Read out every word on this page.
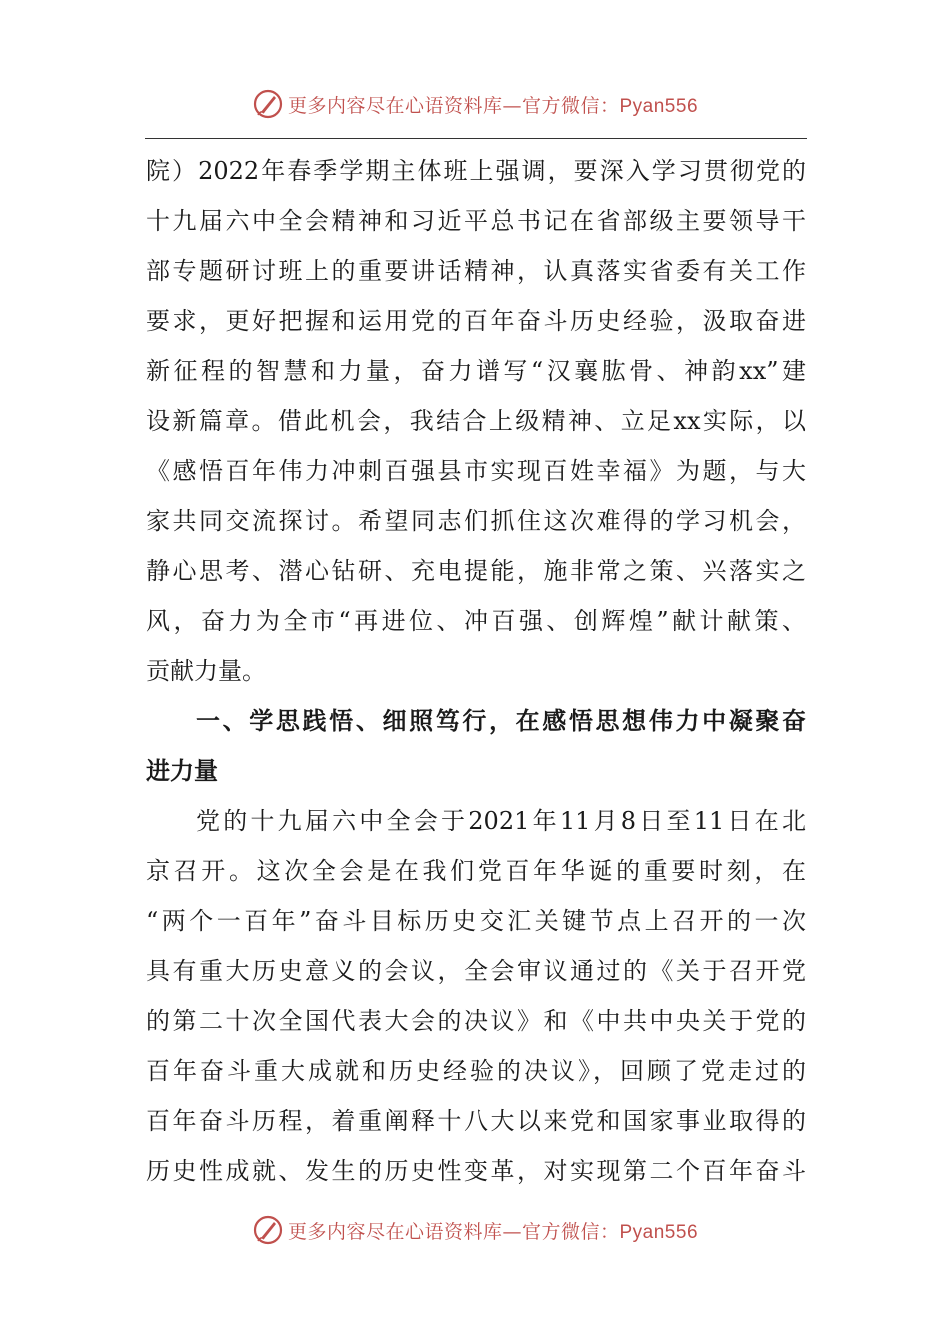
更多内容尽在心语资料库—官方微信：Pyan556
院）2022年春季学期主体班上强调，要深入学习贯彻党的
十九届六中全会精神和习近平总书记在省部级主要领导干
部专题研讨班上的重要讲话精神，认真落实省委有关工作
要求，更好把握和运用党的百年奋斗历史经验，汲取奋进
新征程的智慧和力量，奋力谱写“汉襄肱骨、神韵xx”建
设新篇章。借此机会，我结合上级精神、立足xx实际，以
《感悟百年伟力冲刺百强县市实现百姓幸福》为题，与大
家共同交流探讨。希望同志们抓住这次难得的学习机会，
静心思考、潜心钻研、充电提能，施非常之策、兴落实之
风，奋力为全市“再进位、冲百强、创辉煌”献计献策、
贡献力量。
一、学思践悟、细照笃行，在感悟思想伟力中凝聚奋
进力量
党的十九届六中全会于2021年11月8日至11日在北
京召开。这次全会是在我们党百年华诞的重要时刻，在
“两个一百年”奋斗目标历史交汇关键节点上召开的一次
具有重大历史意义的会议，全会审议通过的《关于召开党
的第二十次全国代表大会的决议》和《中共中央关于党的
百年奋斗重大成就和历史经验的决议》，回顾了党走过的
百年奋斗历程，着重阐释十八大以来党和国家事业取得的
历史性成就、发生的历史性变革，对实现第二个百年奋斗
更多内容尽在心语资料库—官方微信：Pyan556
